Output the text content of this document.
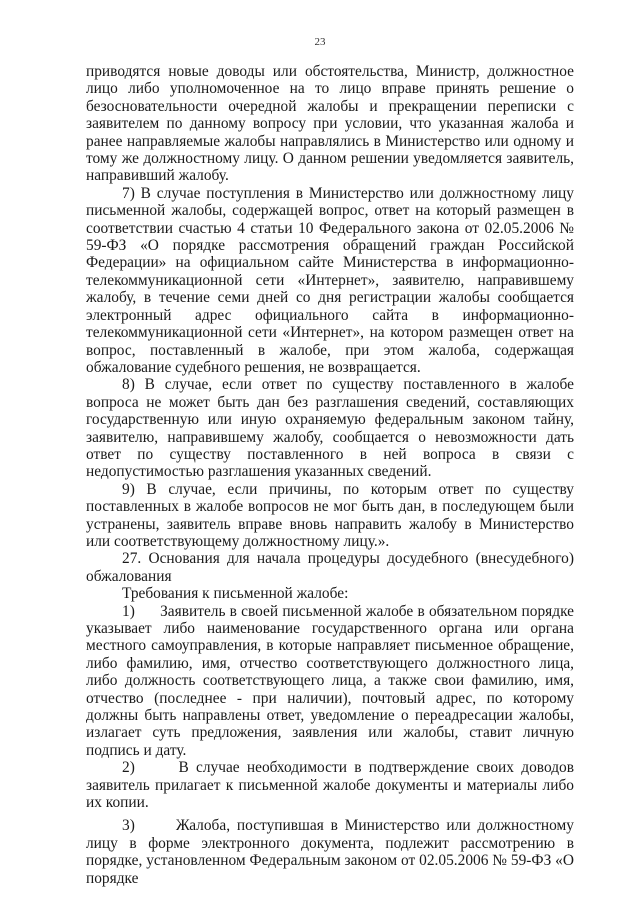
23

приводятся новые доводы или обстоятельства, Министр, должностное лицо либо уполномоченное на то лицо вправе принять решение о безосновательности очередной жалобы и прекращении переписки с заявителем по данному вопросу при условии, что указанная жалоба и ранее направляемые жалобы направлялись в Министерство или одному и тому же должностному лицу. О данном решении уведомляется заявитель, направивший жалобу.

7) В случае поступления в Министерство или должностному лицу письменной жалобы, содержащей вопрос, ответ на который размещен в соответствии счастью 4 статьи 10 Федерального закона от 02.05.2006 № 59-ФЗ «О порядке рассмотрения обращений граждан Российской Федерации» на официальном сайте Министерства в информационно-телекоммуникационной сети «Интернет», заявителю, направившему жалобу, в течение семи дней со дня регистрации жалобы сообщается электронный адрес официального сайта в информационно-телекоммуникационной сети «Интернет», на котором размещен ответ на вопрос, поставленный в жалобе, при этом жалоба, содержащая обжалование судебного решения, не возвращается.

8) В случае, если ответ по существу поставленного в жалобе вопроса не может быть дан без разглашения сведений, составляющих государственную или иную охраняемую федеральным законом тайну, заявителю, направившему жалобу, сообщается о невозможности дать ответ по существу поставленного в ней вопроса в связи с недопустимостью разглашения указанных сведений.

9) В случае, если причины, по которым ответ по существу поставленных в жалобе вопросов не мог быть дан, в последующем были устранены, заявитель вправе вновь направить жалобу в Министерство или соответствующему должностному лицу.».

27. Основания для начала процедуры досудебного (внесудебного) обжалования

Требования к письменной жалобе:

1)      Заявитель в своей письменной жалобе в обязательном порядке указывает либо наименование государственного органа или органа местного самоуправления, в которые направляет письменное обращение, либо фамилию, имя, отчество соответствующего должностного лица, либо должность соответствующего лица, а также свои фамилию, имя, отчество (последнее - при наличии), почтовый адрес, по которому должны быть направлены ответ, уведомление о переадресации жалобы, излагает суть предложения, заявления или жалобы, ставит личную подпись и дату.

2)      В случае необходимости в подтверждение своих доводов заявитель прилагает к письменной жалобе документы и материалы либо их копии.

3)      Жалоба, поступившая в Министерство или должностному лицу в форме электронного документа, подлежит рассмотрению в порядке, установленном Федеральным законом от 02.05.2006 № 59-ФЗ «О порядке
